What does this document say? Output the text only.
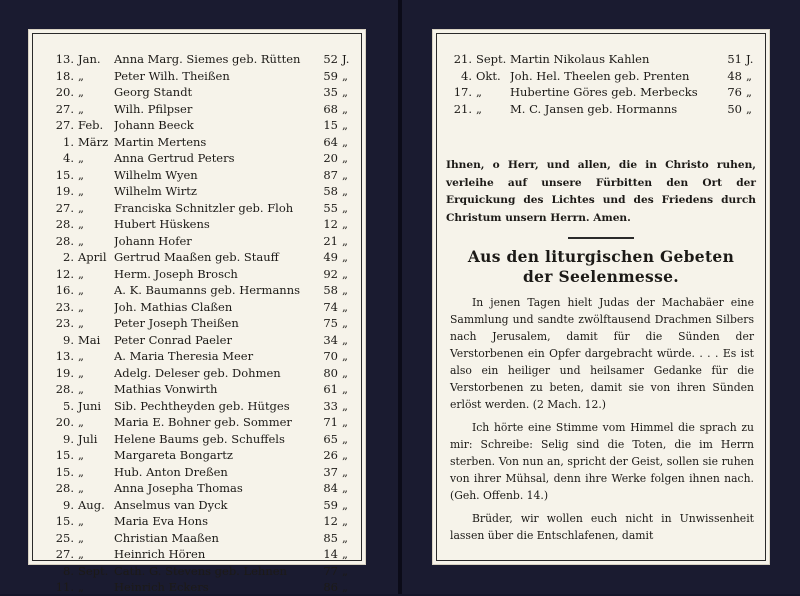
13. Jan.	Anna Marg. Siemes geb. Rütten	52 J.
18. „	Peter Wilh. Theißen	59 „
20. „	Georg Standt	35 „
27. „	Wilh. Pfilpser	68 „
27. Feb. Johann Beeck	15 „
1. März Martin Mertens	64 „
4. „	Anna Gertrud Peters	20 „
15. „	Wilhelm Wyen	87 „
19. „	Wilhelm Wirtz	58 „
27. „	Franciska Schnitzler geb. Floh	55 „
28. „	Hubert Hüskens	12 „
28. „	Johann Hofer	21 „
2. April Gertrud Maaßen geb. Stauff	49 „
12. „	Herm. Joseph Brosch	92 „
16. „	A. K. Baumanns geb. Hermanns	58 „
23. „	Joh. Mathias Claßen	74 „
23. „	Peter Joseph Theißen	75 „
9. Mai	Peter Conrad Paeler	34 „
13. „	A. Maria Theresia Meer	70 „
19. „	Adelg. Deleser geb. Dohmen	80 „
28. „	Mathias Vonwirth	61 „
5. Juni	Sib. Pechtheyden geb. Hütges	33 „
20. „	Maria E. Bohner geb. Sommer	71 „
9. Juli	Helene Baums geb. Schuffels	65 „
15. „	Margareta Bongartz	26 „
15. „	Hub. Anton Dreßen	37 „
28. „	Anna Josepha Thomas	84 „
9. Aug. Anselmus van Dyck	59 „
15. „	Maria Eva Hons	12 „
25. „	Christian Maaßen	85 „
27. „	Heinrich Hören	14 „
8. Sept. Cath. G. Stevens geb. Lehnen	77 „
11. „	Heinrich Eckers	86 „
21. Sept. Martin Nikolaus Kahlen	51 J.
4. Okt. Joh. Hel. Theelen geb. Prenten	48 „
17. „	Hubertine Göres geb. Merbecks	76 „
21. „	M. C. Jansen geb. Hormanns	50 „
Ihnen, o Herr, und allen, die in Christo ruhen, verleihe auf unsere Fürbitten den Ort der Erquickung des Lichtes und des Friedens durch Christum unsern Herrn. Amen.
Aus den liturgischen Gebeten
der Seelenmesse.

In jenen Tagen hielt Judas der Machabäer eine Sammlung und sandte zwölftausend Drachmen Silbers nach Jerusalem, damit für die Sünden der Verstorbenen ein Opfer dargebracht würde. . . . Es ist also ein heiliger und heilsamer Gedanke für die Verstorbenen zu beten, damit sie von ihren Sünden erlöst werden. (2 Mach. 12.)

Ich hörte eine Stimme vom Himmel die sprach zu mir: Schreibe: Selig sind die Toten, die im Herrn sterben. Von nun an, spricht der Geist, sollen sie ruhen von ihrer Mühsal, denn ihre Werke folgen ihnen nach. (Geh. Offenb. 14.)

Brüder, wir wollen euch nicht in Unwissenheit lassen über die Entschlafenen, damit
